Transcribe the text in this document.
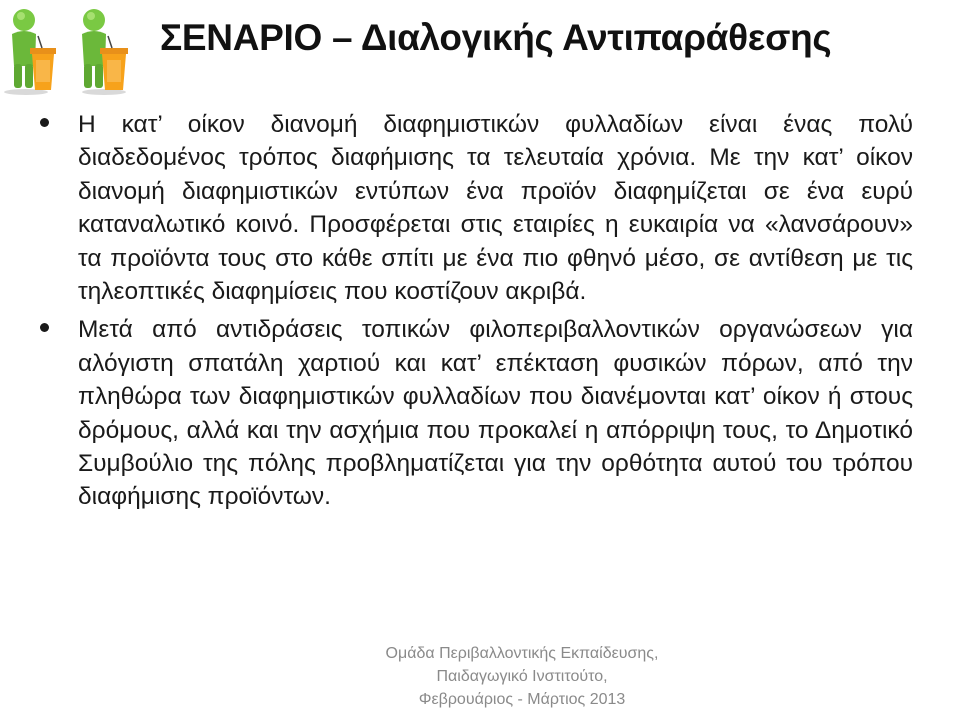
ΣΕΝΑΡΙΟ – Διαλογικής Αντιπαράθεσης
Η κατ’ οίκον διανομή διαφημιστικών φυλλαδίων είναι ένας πολύ διαδεδομένος τρόπος διαφήμισης τα τελευταία χρόνια. Με την κατ’ οίκον διανομή διαφημιστικών εντύπων ένα προϊόν διαφημίζεται σε ένα ευρύ καταναλωτικό κοινό. Προσφέρεται στις εταιρίες η ευκαιρία να «λανσάρουν» τα προϊόντα τους στο κάθε σπίτι με ένα πιο φθηνό μέσο, σε αντίθεση με τις τηλεοπτικές διαφημίσεις που κοστίζουν ακριβά.
Μετά από αντιδράσεις τοπικών φιλοπεριβαλλοντικών οργανώσεων για αλόγιστη σπατάλη χαρτιού και κατ’ επέκταση φυσικών πόρων, από την πληθώρα των διαφημιστικών φυλλαδίων που διανέμονται κατ’ οίκον ή στους δρόμους, αλλά και την ασχήμια που προκαλεί η απόρριψη τους, το Δημοτικό Συμβούλιο της πόλης προβληματίζεται για την ορθότητα αυτού του τρόπου διαφήμισης προϊόντων.
Ομάδα Περιβαλλοντικής Εκπαίδευσης,
Παιδαγωγικό Ινστιτούτο,
Φεβρουάριος - Μάρτιος 2013
